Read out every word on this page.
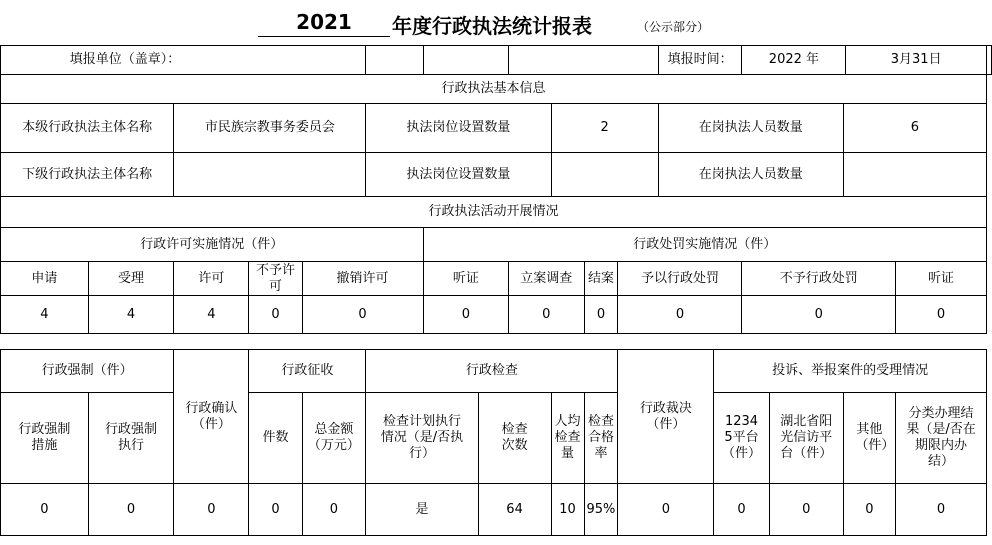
2021	年度行政执法统计报表	（公示部分）
填报单位（盖章）：												填报时间：		2022 年			3月31日		
行政执法基本信息																			
本级行政执法主体名称		市民族宗教事务委员会			执法岗位设置数量				2			在岗执法人员数量				6			
下级行政执法主体名称					执法岗位设置数量							在岗执法人员数量							
行政执法活动开展情况																			
行政许可实施情况（件）						行政处罚实施情况（件）													
申请	受理	许可	不予许可	撤销许可		听证		立案调查		结案	予以行政处罚			不予行政处罚				听证	
4	4	4	0	0		0		0		0	0			0				0	

行政强制（件）		行政确认（件）	行政征收		行政检查						行政裁决（件）		投诉、举报案件的受理情况						
行政强制措施	行政强制执行		件数	总金额（万元）	检查计划执行情况（是/否执行）		检查次数		人均检查量	检查合格率			12345平台（件）		湖北省阳光信访平台（件）	其他（件）		分类办理结果（是/否在期限内办结）	
0	0	0	0	0	是		64		10	95%	0		0		0	0		0	
